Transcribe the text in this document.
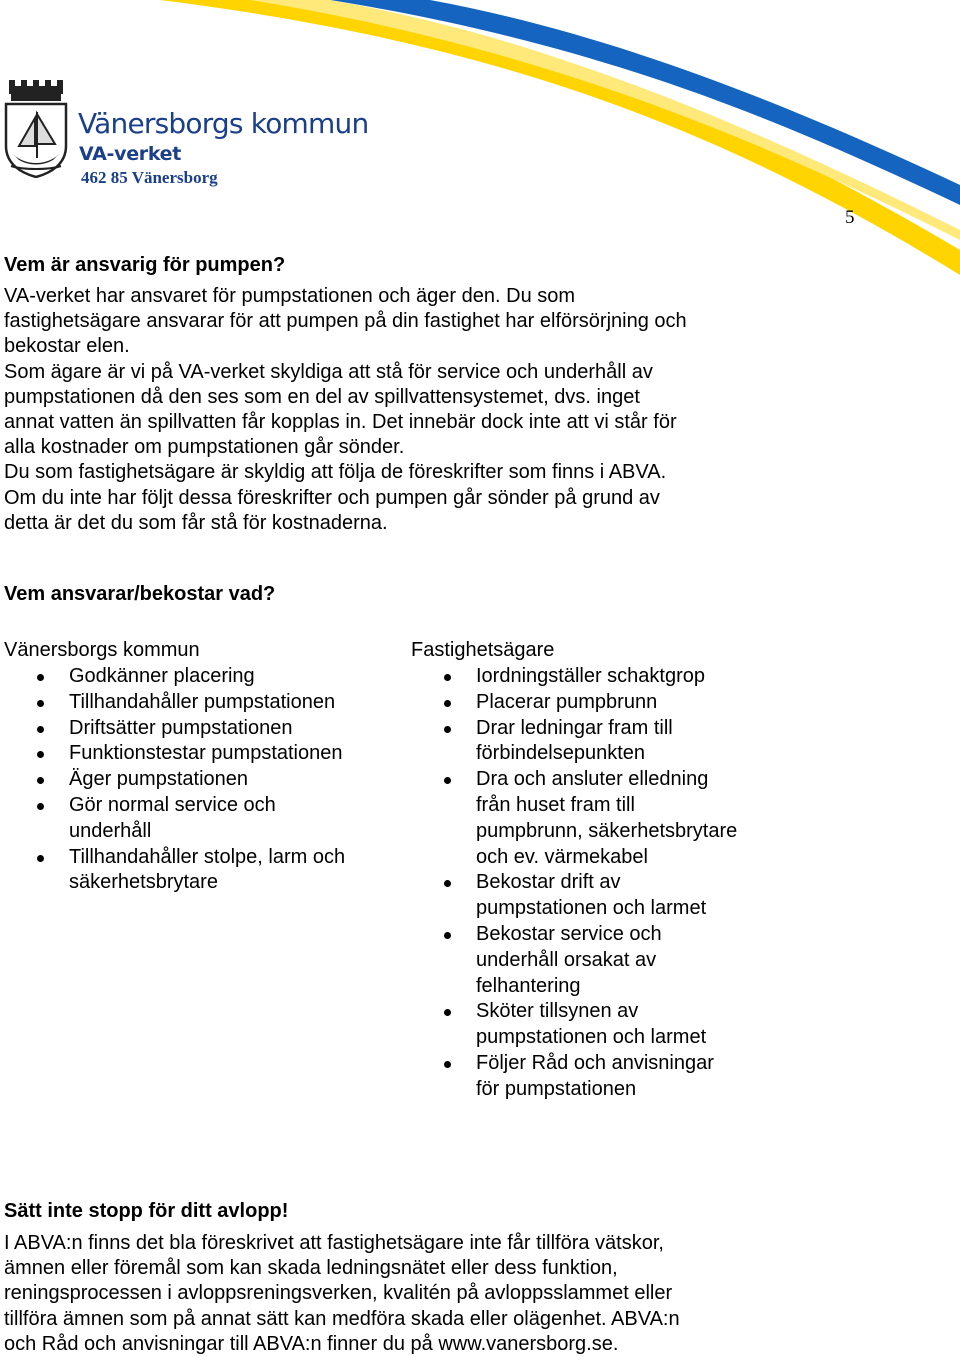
Vänersborgs kommun

VA-verket

462 85 Vänersborg

5
Vem är ansvarig för pumpen?

VA-verket har ansvaret för pumpstationen och äger den. Du som
fastighetsägare ansvarar för att pumpen på din fastighet har elförsörjning och
bekostar elen.
Som ägare är vi på VA-verket skyldiga att stå för service och underhåll av
pumpstationen då den ses som en del av spillvattensystemet, dvs. inget
annat vatten än spillvatten får kopplas in. Det innebär dock inte att vi står för
alla kostnader om pumpstationen går sönder.
Du som fastighetsägare är skyldig att följa de föreskrifter som finns i ABVA.
Om du inte har följt dessa föreskrifter och pumpen går sönder på grund av
detta är det du som får stå för kostnaderna.

Vem ansvarar/bekostar vad?
Vänersborgs kommun
Godkänner placering
Tillhandahåller pumpstationen
Driftsätter pumpstationen
Funktionstestar pumpstationen
Äger pumpstationen
Gör normal service och underhåll
Tillhandahåller stolpe, larm och säkerhetsbrytare
Fastighetsägare
Iordningställer schaktgrop
Placerar pumpbrunn
Drar ledningar fram till förbindelsepunkten
Dra och ansluter elledning från huset fram till pumpbrunn, säkerhetsbrytare och ev. värmekabel
Bekostar drift av pumpstationen och larmet
Bekostar service och underhåll orsakat av felhantering
Sköter tillsynen av pumpstationen och larmet
Följer Råd och anvisningar för pumpstationen
Sätt inte stopp för ditt avlopp!

I ABVA:n finns det bla föreskrivet att fastighetsägare inte får tillföra vätskor,
ämnen eller föremål som kan skada ledningsnätet eller dess funktion,
reningsprocessen i avloppsreningsverken, kvalitén på avloppsslammet eller
tillföra ämnen som på annat sätt kan medföra skada eller olägenhet. ABVA:n
och Råd och anvisningar till ABVA:n finner du på www.vanersborg.se.
